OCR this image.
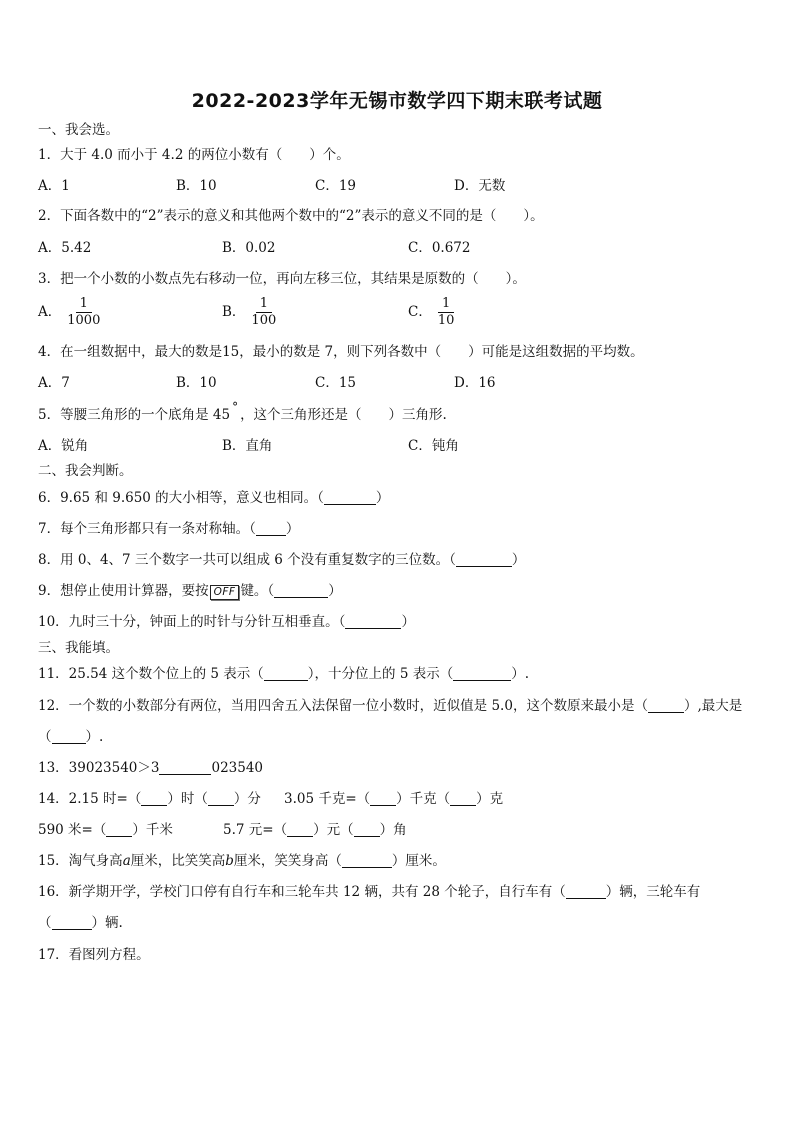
2022-2023学年无锡市数学四下期末联考试题
一、我会选。
1．大于 4.0 而小于 4.2 的两位小数有（　　）个。
A．1	B．10	C．19	D．无数
2．下面各数中的“2”表示的意义和其他两个数中的“2”表示的意义不同的是（　　）。
A．5.42	B．0.02	C．0.672
3．把一个小数的小数点先右移动一位，再向左移三位，其结果是原数的（　　）。
A． $\frac{1}{1000}$	B． $\frac{1}{100}$	C． $\frac{1}{10}$
4．在一组数据中，最大的数是15，最小的数是 7，则下列各数中（　　）可能是这组数据的平均数。
A．7	B．10	C．15	D．16
5．等腰三角形的一个底角是 45 ° ，这个三角形还是（　　）三角形.
A．锐角	B．直角	C．钝角
二、我会判断。
6．9.65 和 9.650 的大小相等，意义也相同。（	）
7．每个三角形都只有一条对称轴。（ ）
8．用 0、4、7 三个数字一共可以组成 6 个没有重复数字的三位数。（	）
9．想停止使用计算器，要按 OFF 键。（	）
10．九时三十分，钟面上的时针与分针互相垂直。（	）
三、我能填。
11．25.54 这个数个位上的 5 表示（	），十分位上的 5 表示（	）.
12．一个数的小数部分有两位，当用四舍五入法保留一位小数时，近似值是 5.0，这个数原来最小是（	）,最大是
（	）.
13．39023540＞3	023540
14．2.15 时=（ ）时（ ）分 3.05 千克=（ ）千克（ ）克
590 米=（ ）千米	5.7 元=（ ）元（ ）角
15．淘气身高a厘米，比笑笑高b厘米，笑笑身高（	）厘米。
16．新学期开学，学校门口停有自行车和三轮车共 12 辆，共有 28 个轮子，自行车有（	）辆，三轮车有
（	）辆.
17．看图列方程。
